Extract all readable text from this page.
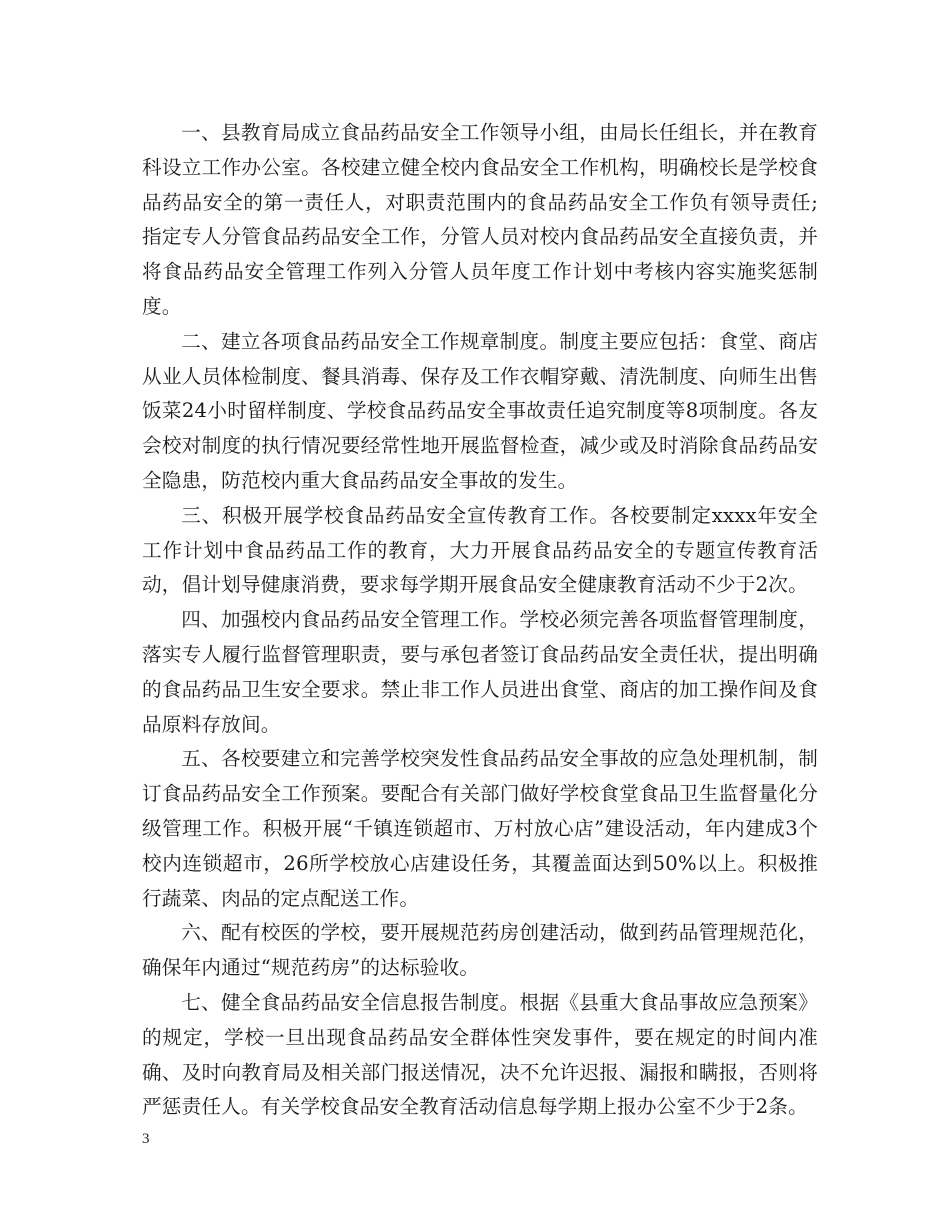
一、县教育局成立食品药品安全工作领导小组，由局长任组长，并在教育科设立工作办公室。各校建立健全校内食品安全工作机构，明确校长是学校食品药品安全的第一责任人，对职责范围内的食品药品安全工作负有领导责任;指定专人分管食品药品安全工作，分管人员对校内食品药品安全直接负责，并将食品药品安全管理工作列入分管人员年度工作计划中考核内容实施奖惩制度。

二、建立各项食品药品安全工作规章制度。制度主要应包括：食堂、商店从业人员体检制度、餐具消毒、保存及工作衣帽穿戴、清洗制度、向师生出售饭菜24小时留样制度、学校食品药品安全事故责任追究制度等8项制度。各友会校对制度的执行情况要经常性地开展监督检查，减少或及时消除食品药品安全隐患，防范校内重大食品药品安全事故的发生。

三、积极开展学校食品药品安全宣传教育工作。各校要制定xxxx年安全工作计划中食品药品工作的教育，大力开展食品药品安全的专题宣传教育活动，倡计划导健康消费，要求每学期开展食品安全健康教育活动不少于2次。

四、加强校内食品药品安全管理工作。学校必须完善各项监督管理制度，落实专人履行监督管理职责，要与承包者签订食品药品安全责任状，提出明确的食品药品卫生安全要求。禁止非工作人员进出食堂、商店的加工操作间及食品原料存放间。

五、各校要建立和完善学校突发性食品药品安全事故的应急处理机制，制订食品药品安全工作预案。要配合有关部门做好学校食堂食品卫生监督量化分级管理工作。积极开展“千镇连锁超市、万村放心店”建设活动，年内建成3个校内连锁超市，26所学校放心店建设任务，其覆盖面达到50%以上。积极推行蔬菜、肉品的定点配送工作。

六、配有校医的学校，要开展规范药房创建活动，做到药品管理规范化，确保年内通过“规范药房”的达标验收。

七、健全食品药品安全信息报告制度。根据《县重大食品事故应急预案》的规定，学校一旦出现食品药品安全群体性突发事件，要在规定的时间内准确、及时向教育局及相关部门报送情况，决不允许迟报、漏报和瞒报，否则将严惩责任人。有关学校食品安全教育活动信息每学期上报办公室不少于2条。

3
